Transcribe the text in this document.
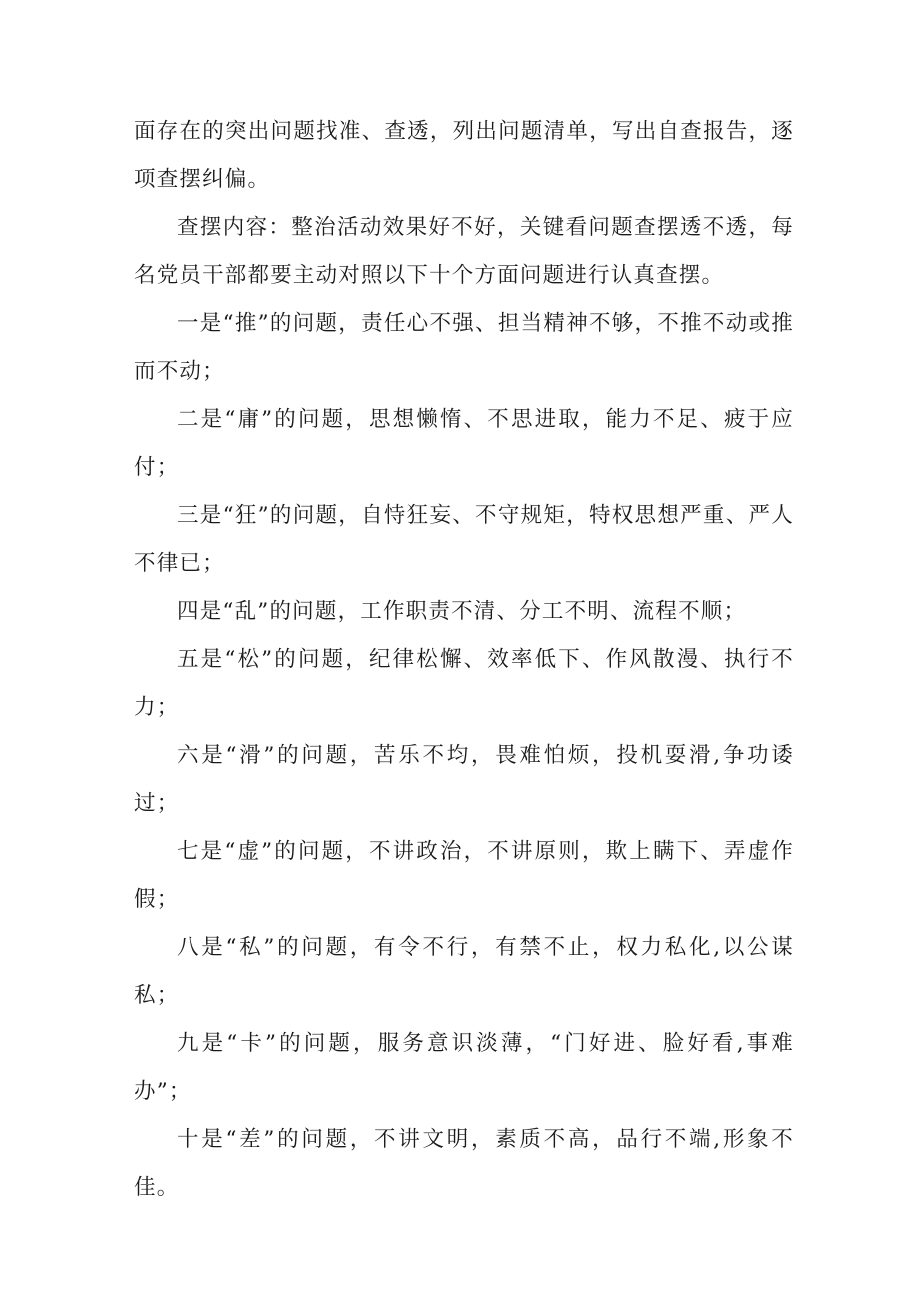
面存在的突出问题找准、查透，列出问题清单，写出自查报告，逐项查摆纠偏。

查摆内容：整治活动效果好不好，关键看问题查摆透不透，每名党员干部都要主动对照以下十个方面问题进行认真查摆。

一是“推”的问题，责任心不强、担当精神不够，不推不动或推而不动；

二是“庸”的问题，思想懒惰、不思进取，能力不足、疲于应付；

三是“狂”的问题，自恃狂妄、不守规矩，特权思想严重、严人不律已；

四是“乱”的问题，工作职责不清、分工不明、流程不顺；

五是“松”的问题，纪律松懈、效率低下、作风散漫、执行不力；

六是“滑”的问题，苦乐不均，畏难怕烦，投机耍滑,争功诿过；

七是“虚”的问题，不讲政治，不讲原则，欺上瞒下、弄虚作假；

八是“私”的问题，有令不行，有禁不止，权力私化,以公谋私；

九是“卡”的问题，服务意识淡薄，“门好进、脸好看,事难办”；

十是“差”的问题，不讲文明，素质不高，品行不端,形象不佳。
